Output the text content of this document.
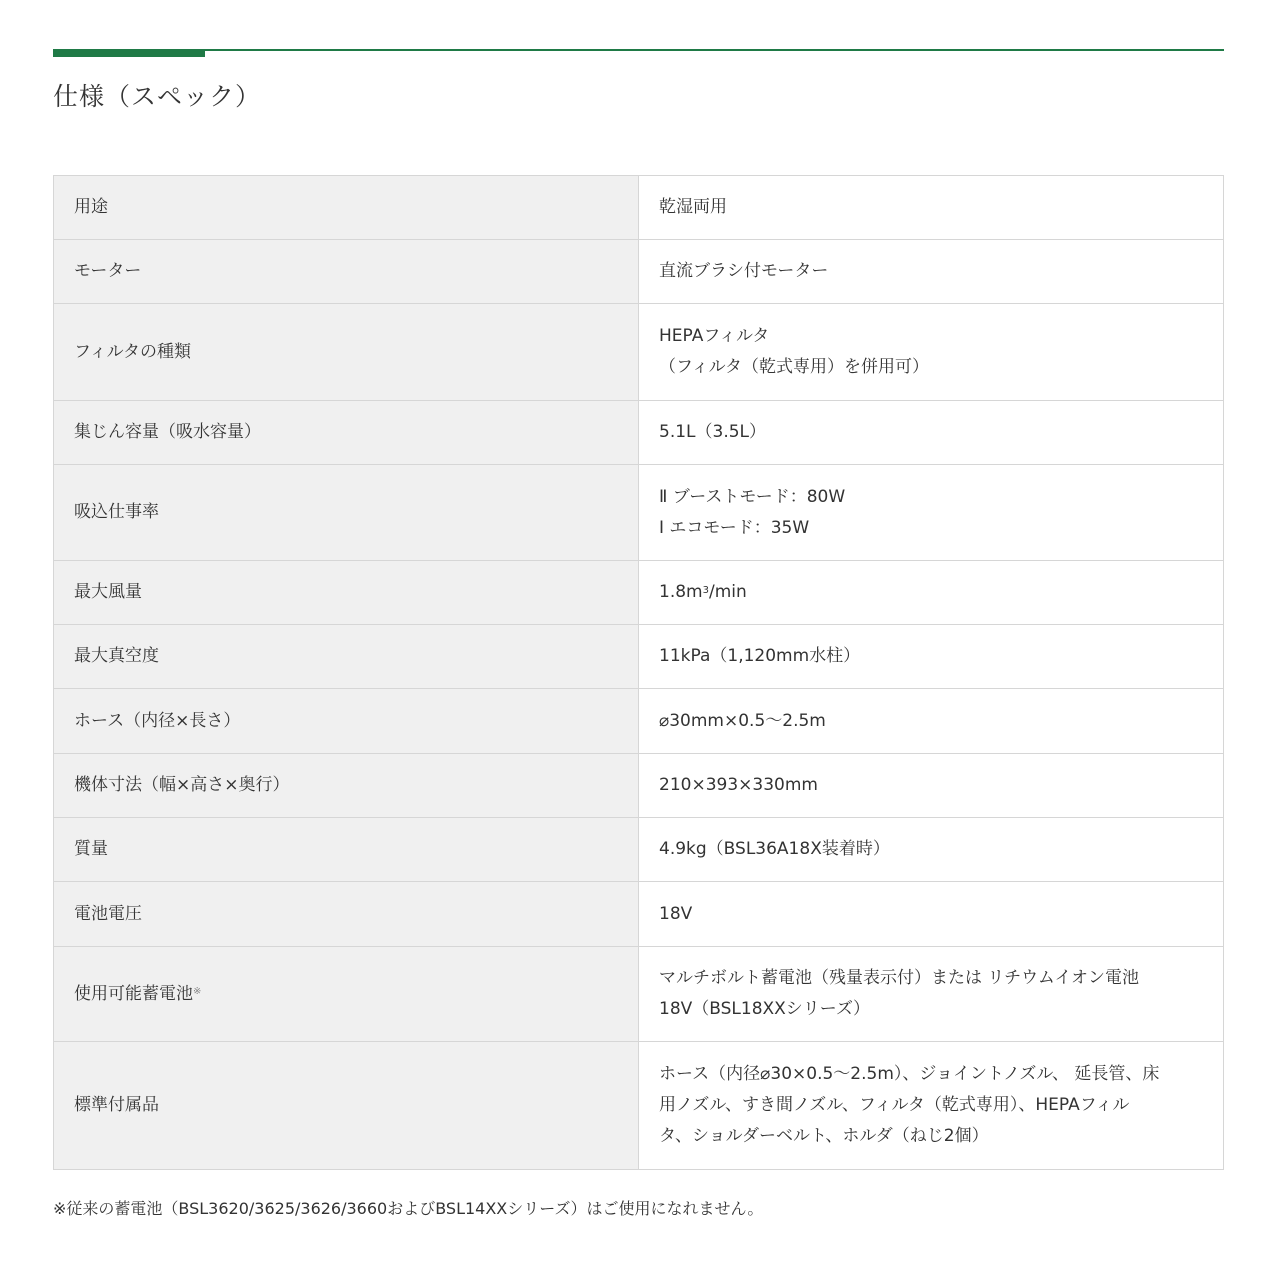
仕様（スペック）
用途	乾湿両用

モーター	直流ブラシ付モーター

フィルタの種類	HEPAフィルタ
（フィルタ（乾式専用）を併用可）

集じん容量（吸水容量）	5.1L（3.5L）

吸込仕事率	Ⅱ ブーストモード：80W
Ⅰ エコモード：35W

最大風量	$1.8m^3/\min$
最大真空度	11kPa（1,120mm水柱）

ホース（内径×長さ）	⌀30mm×0.5〜2.5m

機体寸法（幅×高さ×奥行）	210×393×330mm

質量	4.9kg（BSL36A18X装着時）

電池電圧	18V

使用可能蓄電池※	マルチボルト蓄電池（残量表示付）または リチウムイオン電池
18V（BSL18XXシリーズ）

標準付属品	ホース（内径⌀30×0.5〜2.5m）、ジョイントノズル、 延長管、床
用ノズル、すき間ノズル、フィルタ（乾式専用）、HEPAフィル
タ、ショルダーベルト、ホルダ（ねじ2個）
※従来の蓄電池（BSL3620/3625/3626/3660およびBSL14XXシリーズ）はご使用になれません。
